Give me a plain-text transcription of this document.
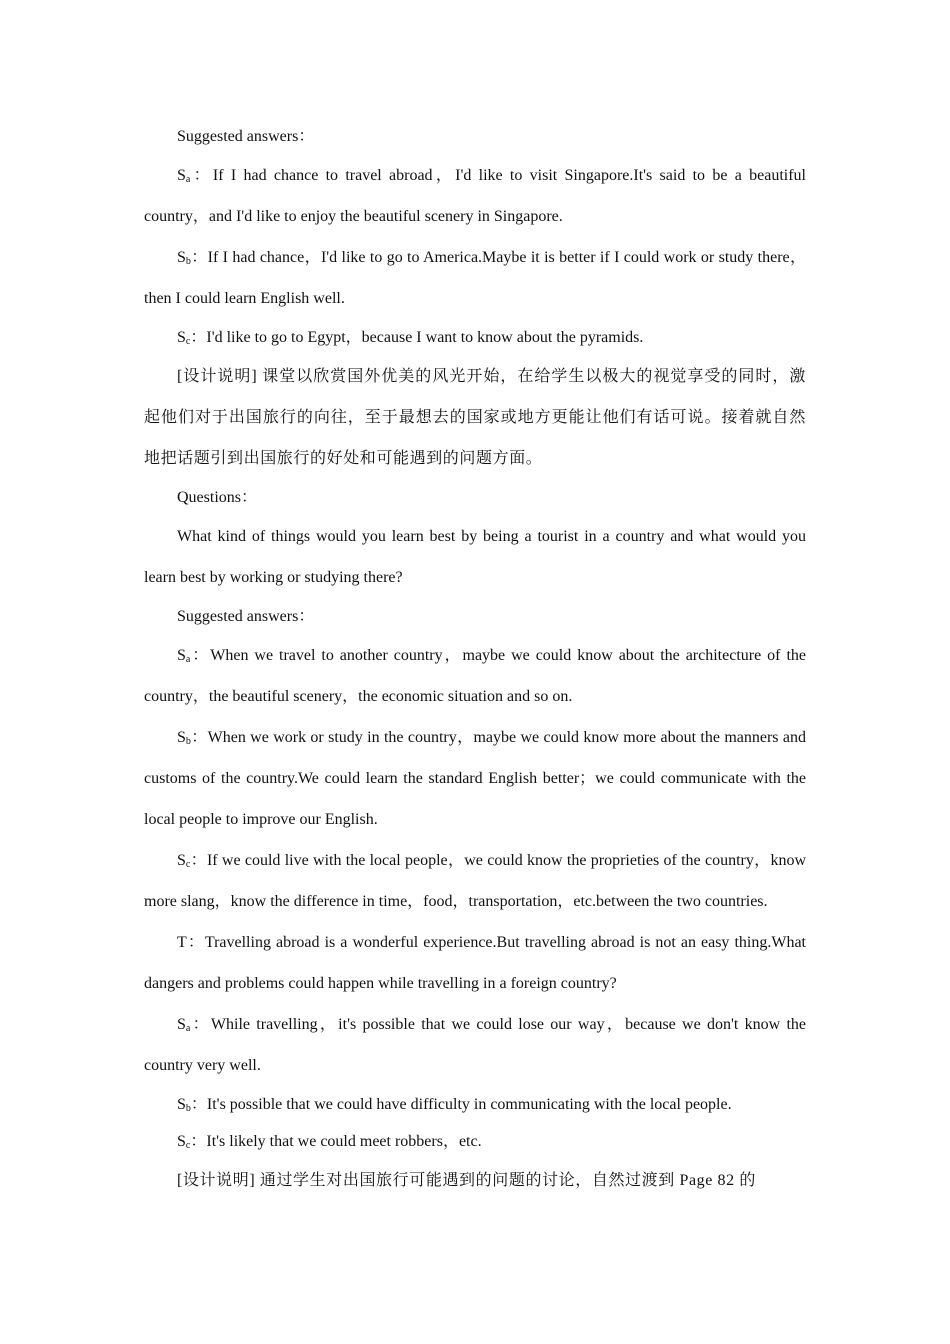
Suggested answers：

$S_a$：If I had chance to travel abroad，I'd like to visit Singapore.It's said to be a beautiful country，and I'd like to enjoy the beautiful scenery in Singapore.

$S_b$：If I had chance，I'd like to go to America.Maybe it is better if I could work or study there，then I could learn English well.

$S_c$：I'd like to go to Egypt，because I want to know about the pyramids.

[设计说明] 课堂以欣赏国外优美的风光开始，在给学生以极大的视觉享受的同时，激起他们对于出国旅行的向往，至于最想去的国家或地方更能让他们有话可说。接着就自然地把话题引到出国旅行的好处和可能遇到的问题方面。

Questions：

What kind of things would you learn best by being a tourist in a country and what would you learn best by working or studying there?

Suggested answers：

$S_a$：When we travel to another country，maybe we could know about the architecture of the country，the beautiful scenery，the economic situation and so on.

$S_b$：When we work or study in the country，maybe we could know more about the manners and customs of the country.We could learn the standard English better；we could communicate with the local people to improve our English.

$S_c$：If we could live with the local people，we could know the proprieties of the country，know more slang，know the difference in time，food，transportation，etc.between the two countries.

T：Travelling abroad is a wonderful experience.But travelling abroad is not an easy thing.What dangers and problems could happen while travelling in a foreign country?

$S_a$：While travelling，it's possible that we could lose our way，because we don't know the country very well.

$S_b$：It's possible that we could have difficulty in communicating with the local people.

$S_c$：It's likely that we could meet robbers，etc.

[设计说明] 通过学生对出国旅行可能遇到的问题的讨论，自然过渡到 Page 82 的
